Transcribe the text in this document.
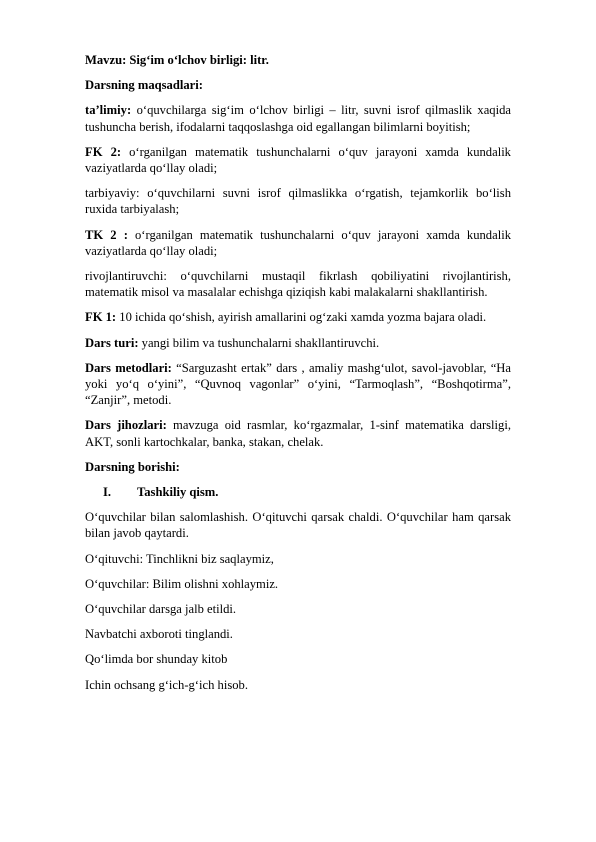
Mavzu: Sig‘im o‘lchov birligi: litr.

Darsning maqsadlari:

ta’limiy: o‘quvchilarga sig‘im o‘lchov birligi – litr, suvni isrof qilmaslik xaqida tushuncha berish, ifodalarni taqqoslashga oid egallangan bilimlarni boyitish;

FK 2: o‘rganilgan matematik tushunchalarni o‘quv jarayoni xamda kundalik vaziyatlarda qo‘llay oladi;

tarbiyaviy: o‘quvchilarni suvni isrof qilmaslikka o‘rgatish, tejamkorlik bo‘lish ruxida tarbiyalash;

TK 2 : o‘rganilgan matematik tushunchalarni o‘quv jarayoni xamda kundalik vaziyatlarda qo‘llay oladi;

rivojlantiruvchi: o‘quvchilarni mustaqil fikrlash qobiliyatini rivojlantirish, matematik misol va masalalar echishga qiziqish kabi malakalarni shakllantirish.

FK 1: 10 ichida qo‘shish, ayirish amallarini og‘zaki xamda yozma bajara oladi.

Dars turi: yangi bilim va tushunchalarni shakllantiruvchi.

Dars metodlari: “Sarguzasht ertak” dars , amaliy mashg‘ulot, savol-javoblar, “Ha yoki yo‘q o‘yini”, “Quvnoq vagonlar” o‘yini, “Tarmoqlash”, “Boshqotirma”, “Zanjir”, metodi.

Dars jihozlari: mavzuga oid rasmlar, ko‘rgazmalar, 1-sinf matematika darsligi, AKT, sonli kartochkalar, banka, stakan, chelak.

Darsning borishi:

I.	Tashkiliy qism.

O‘quvchilar bilan salomlashish. O‘qituvchi qarsak chaldi. O‘quvchilar ham qarsak bilan javob qaytardi.

O‘qituvchi: Tinchlikni biz saqlaymiz,

O‘quvchilar: Bilim olishni xohlaymiz.

O‘quvchilar darsga jalb etildi.

Navbatchi axboroti tinglandi.

Qo‘limda bor shunday kitob

Ichin ochsang g‘ich-g‘ich hisob.
